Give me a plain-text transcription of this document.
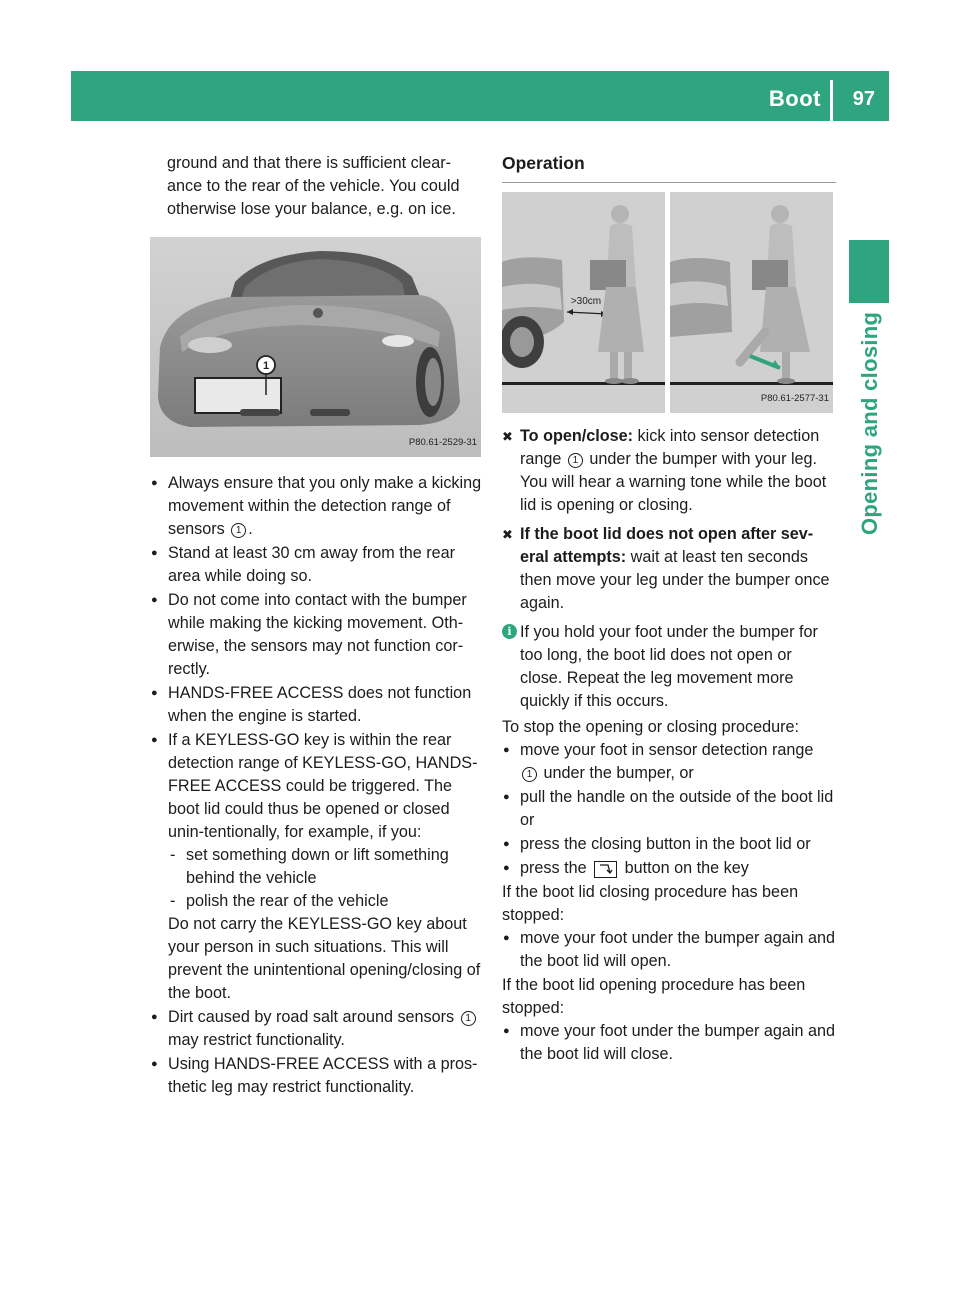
Boot 97
Opening and closing

ground and that there is sufficient clear-ance to the rear of the vehicle. You could otherwise lose your balance, e.g. on ice.

1
P80.61-2529-31
● Always ensure that you only make a kicking movement within the detection range of sensors 1 .
● Stand at least 30 cm away from the rear area while doing so.
● Do not come into contact with the bumper while making the kicking movement. Oth-erwise, the sensors may not function cor-rectly.
● HANDS-FREE ACCESS does not function when the engine is started.
● If a KEYLESS-GO key is within the rear detection range of KEYLESS-GO, HANDS-FREE ACCESS could be triggered. The boot lid could thus be opened or closed unin-tentionally, for example, if you:
- set something down or lift something behind the vehicle
- polish the rear of the vehicle

Do not carry the KEYLESS-GO key about your person in such situations. This will prevent the unintentional opening/closing of the boot.

● Dirt caused by road salt around sensors 1 may restrict functionality.
● Using HANDS-FREE ACCESS with a pros-thetic leg may restrict functionality.

Operation

>30cm
P80.61-2577-31

✖ To open/close: kick into sensor detection range 1 under the bumper with your leg. You will hear a warning tone while the boot lid is opening or closing.

✖ If the boot lid does not open after sev-eral attempts: wait at least ten seconds then move your leg under the bumper once again.

i If you hold your foot under the bumper for too long, the boot lid does not open or close. Repeat the leg movement more quickly if this occurs.

To stop the opening or closing procedure:

● move your foot in sensor detection range 1 under the bumper, or
● pull the handle on the outside of the boot lid or
● press the closing button in the boot lid or
● press the button on the key

If the boot lid closing procedure has been stopped:

● move your foot under the bumper again and the boot lid will open.

If the boot lid opening procedure has been stopped:

● move your foot under the bumper again and the boot lid will close.
